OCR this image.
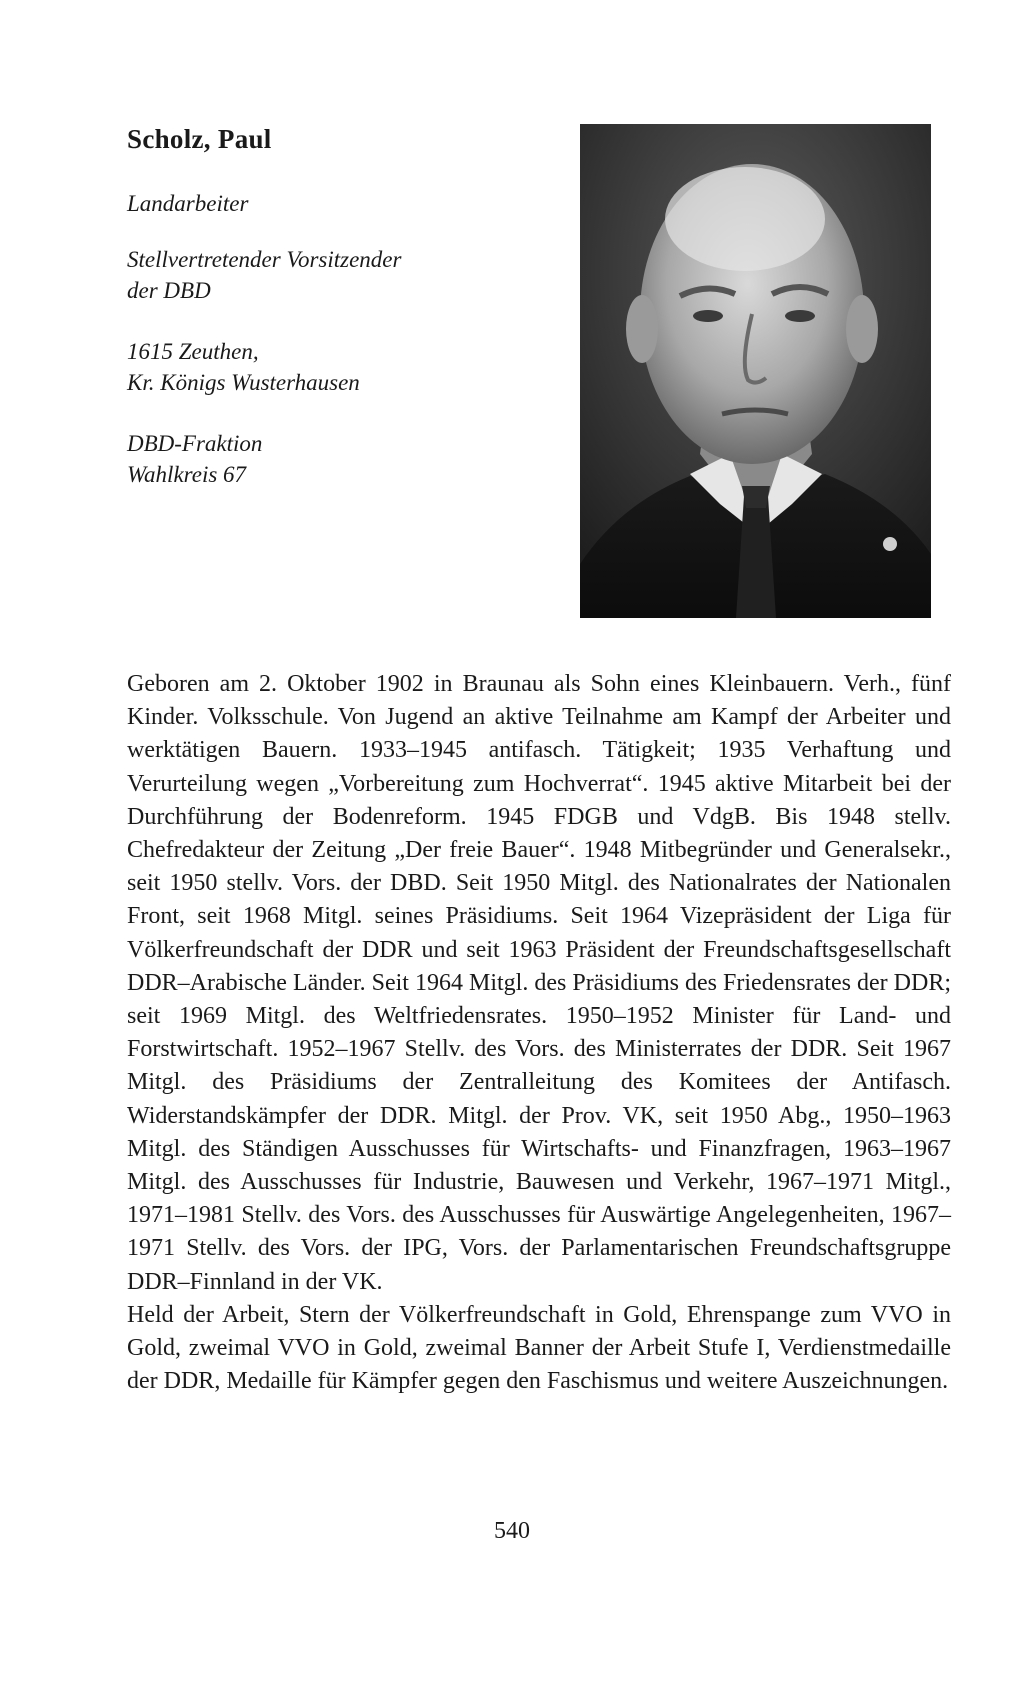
Scholz, Paul
Landarbeiter
Stellvertretender Vorsitzender
der DBD
1615 Zeuthen,
Kr. Königs Wusterhausen
DBD-Fraktion
Wahlkreis 67

Geboren am 2. Oktober 1902 in Braunau als Sohn eines Kleinbauern. Verh., fünf Kinder. Volksschule. Von Jugend an aktive Teilnahme am Kampf der Arbeiter und werktätigen Bauern. 1933–1945 antifasch. Tätigkeit; 1935 Verhaftung und Verurteilung wegen „Vorbereitung zum Hochverrat“. 1945 aktive Mitarbeit bei der Durchführung der Bodenreform. 1945 FDGB und VdgB. Bis 1948 stellv. Chefredakteur der Zeitung „Der freie Bauer“. 1948 Mitbegründer und Generalsekr., seit 1950 stellv. Vors. der DBD. Seit 1950 Mitgl. des Nationalrates der Nationalen Front, seit 1968 Mitgl. seines Präsidiums. Seit 1964 Vizepräsident der Liga für Völkerfreundschaft der DDR und seit 1963 Präsident der Freundschaftsgesellschaft DDR–Arabische Länder. Seit 1964 Mitgl. des Präsidiums des Friedensrates der DDR; seit 1969 Mitgl. des Weltfriedensrates. 1950–1952 Minister für Land- und Forstwirtschaft. 1952–1967 Stellv. des Vors. des Ministerrates der DDR. Seit 1967 Mitgl. des Präsidiums der Zentralleitung des Komitees der Antifasch. Widerstandskämpfer der DDR. Mitgl. der Prov. VK, seit 1950 Abg., 1950–1963 Mitgl. des Ständigen Ausschusses für Wirtschafts- und Finanzfragen, 1963–1967 Mitgl. des Ausschusses für Industrie, Bauwesen und Verkehr, 1967–1971 Mitgl., 1971–1981 Stellv. des Vors. des Ausschusses für Auswärtige Angelegenheiten, 1967–1971 Stellv. des Vors. der IPG, Vors. der Parlamentarischen Freundschaftsgruppe DDR–Finnland in der VK.

Held der Arbeit, Stern der Völkerfreundschaft in Gold, Ehrenspange zum VVO in Gold, zweimal VVO in Gold, zweimal Banner der Arbeit Stufe I, Verdienstmedaille der DDR, Medaille für Kämpfer gegen den Faschismus und weitere Auszeichnungen.

540
